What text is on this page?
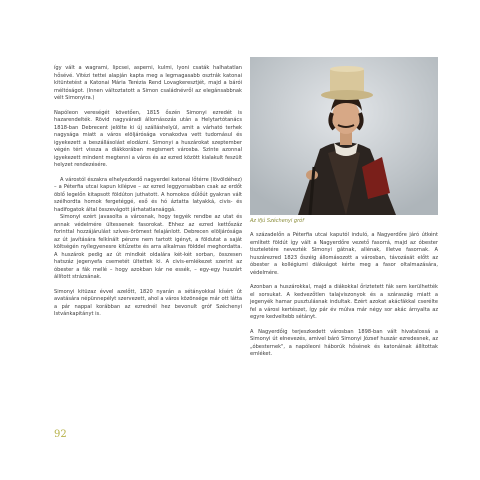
így vált a wagrami, lipcsei, asperni, kulmi, lyoni csaták halhatatlan hősévé. Vitézi tettei alapján kapta meg a legmagasabb osztrák katonai kitüntetést a Katonai Mária Terézia Rend Lovagkeresztjét, majd a bárói méltóságot. (Innen változtatott a Simon családnévről az elegánsabbnak vélt Simonyira.)

Napóleon vereségét követően, 1815 őszén Simonyi ezredét is hazarendelték. Rövid nagyváradi állomásozás után a Helytartótanács 1818-ban Debrecent jelölte ki új szálláshelyül, amit a várható terhek nagysága miatt a város elöljárósága vonakodva vett tudomásul és igyekezett a beszállásolást elodázni. Simonyi a huszárokat szeptember végén tért vissza a diákkorában megismert városba. Szinte azonnal igyekezett mindent megtenni a város és az ezred között kialakult feszült helyzet rendezésére.

A várostól északra elhelyezkedő nagyerdei katonai lőtérre (lövöldéhez) – a Péterfia utcai kapun kilépve – az ezred leggyorsabban csak az erdőt öblő legelőn kitapsott földúton juthatott. A homokos dűlőút gyakran vált szélhordta homok fergetéggé, eső és hó áztatta latyakká, civis- és hadifogatok által összevágott járhatatlansággá.

Simonyi ezért javasolta a városnak, hogy tegyék rendbe az utat és annak védelmére ültessenek fasorokat. Ehhez az ezred kettőszáz forinttal hozzájárulást szíves-örömest felajánlott. Debrecen elöljárósága az út javítására felkínált pénzre nem tartott igényt, a földutat a saját költségén nyílegyenesre kitűzette és arra alkalmas földdel meghordatta. A huszárok pedig az út mindkét oldalára két-két sorban, összesen hatszáz jegenyefa csemetét ültettek ki. A civis-emlékezet szerint az óbester a fák mellé – hogy azokban kár ne essék, – egy-egy huszárt állított strázsának.

Simonyi kitüzaz évvel azelőtt, 1820 nyarán a sétányokkal kísért út avatására népünnepélyt szervezett, ahol a város közönsége már ott látta a pár nappal korábban az ezrednél hez bevonult gróf Széchenyi Istvánkapitányt is.

Az ifjú Széchenyi gróf

A századelőn a Péterfia utcai kaputól induló, a Nagyerdőre járó útként említett földút így vált a Nagyerdőre vezető fasorrá, majd az óbester tiszteletére nevezték Simonyi gátnak, allénak, illetve fasornak. A huszárezred 1823 őszéig állomásozott a városban, távozását előtt az óbester a kollégiumi diákságot kérte meg a fasor oltalmazására, védelmére.

Azonban a huszárokkal, majd a diákokkal őriztetett fák sem kerülhették el sorsukat. A kedvezőtlen talajviszonyok és a száraszág miatt a jegenyék hamar pusztulásnak indultak. Ezért azokat akácfákkal cserélte fel a városi kertészet, így pár év múlva már négy sor akác árnyalta az egyre kedveltebb sétányt.

A Nagyerdőig terjeszkedett városban 1898-ban vált hivatalossá a Simonyi út elnevezés, amivel báró Simonyi József huszár ezredesnek, az „óbesternek", a napóleoni háborúk hősének és katonáinak állítottak emléket.

92
